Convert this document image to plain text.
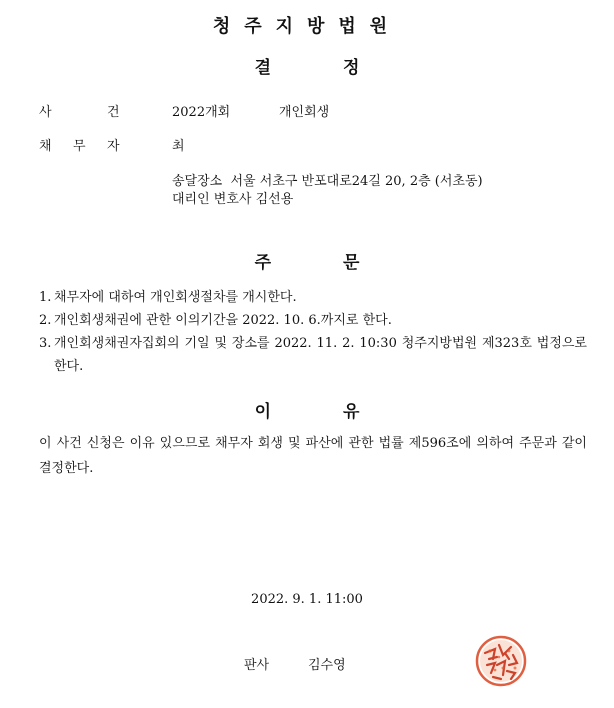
청주지방법원
결	정
사	건	2022개회	개인회생
채 무 자	최
송달장소  서울 서초구 반포대로24길 20, 2층 (서초동)
대리인 변호사 김선용
주	문
1. 채무자에 대하여 개인회생절차를 개시한다.
2. 개인회생채권에 관한 이의기간을 2022. 10. 6.까지로 한다.
3. 개인회생채권자집회의 기일 및 장소를 2022. 11. 2. 10:30 청주지방법원 제323호 법정으로 한다.
이	유
이 사건 신청은 이유 있으므로 채무자 회생 및 파산에 관한 법률 제596조에 의하여 주문과 같이 결정한다.
2022. 9. 1. 11:00
판사	김수영
